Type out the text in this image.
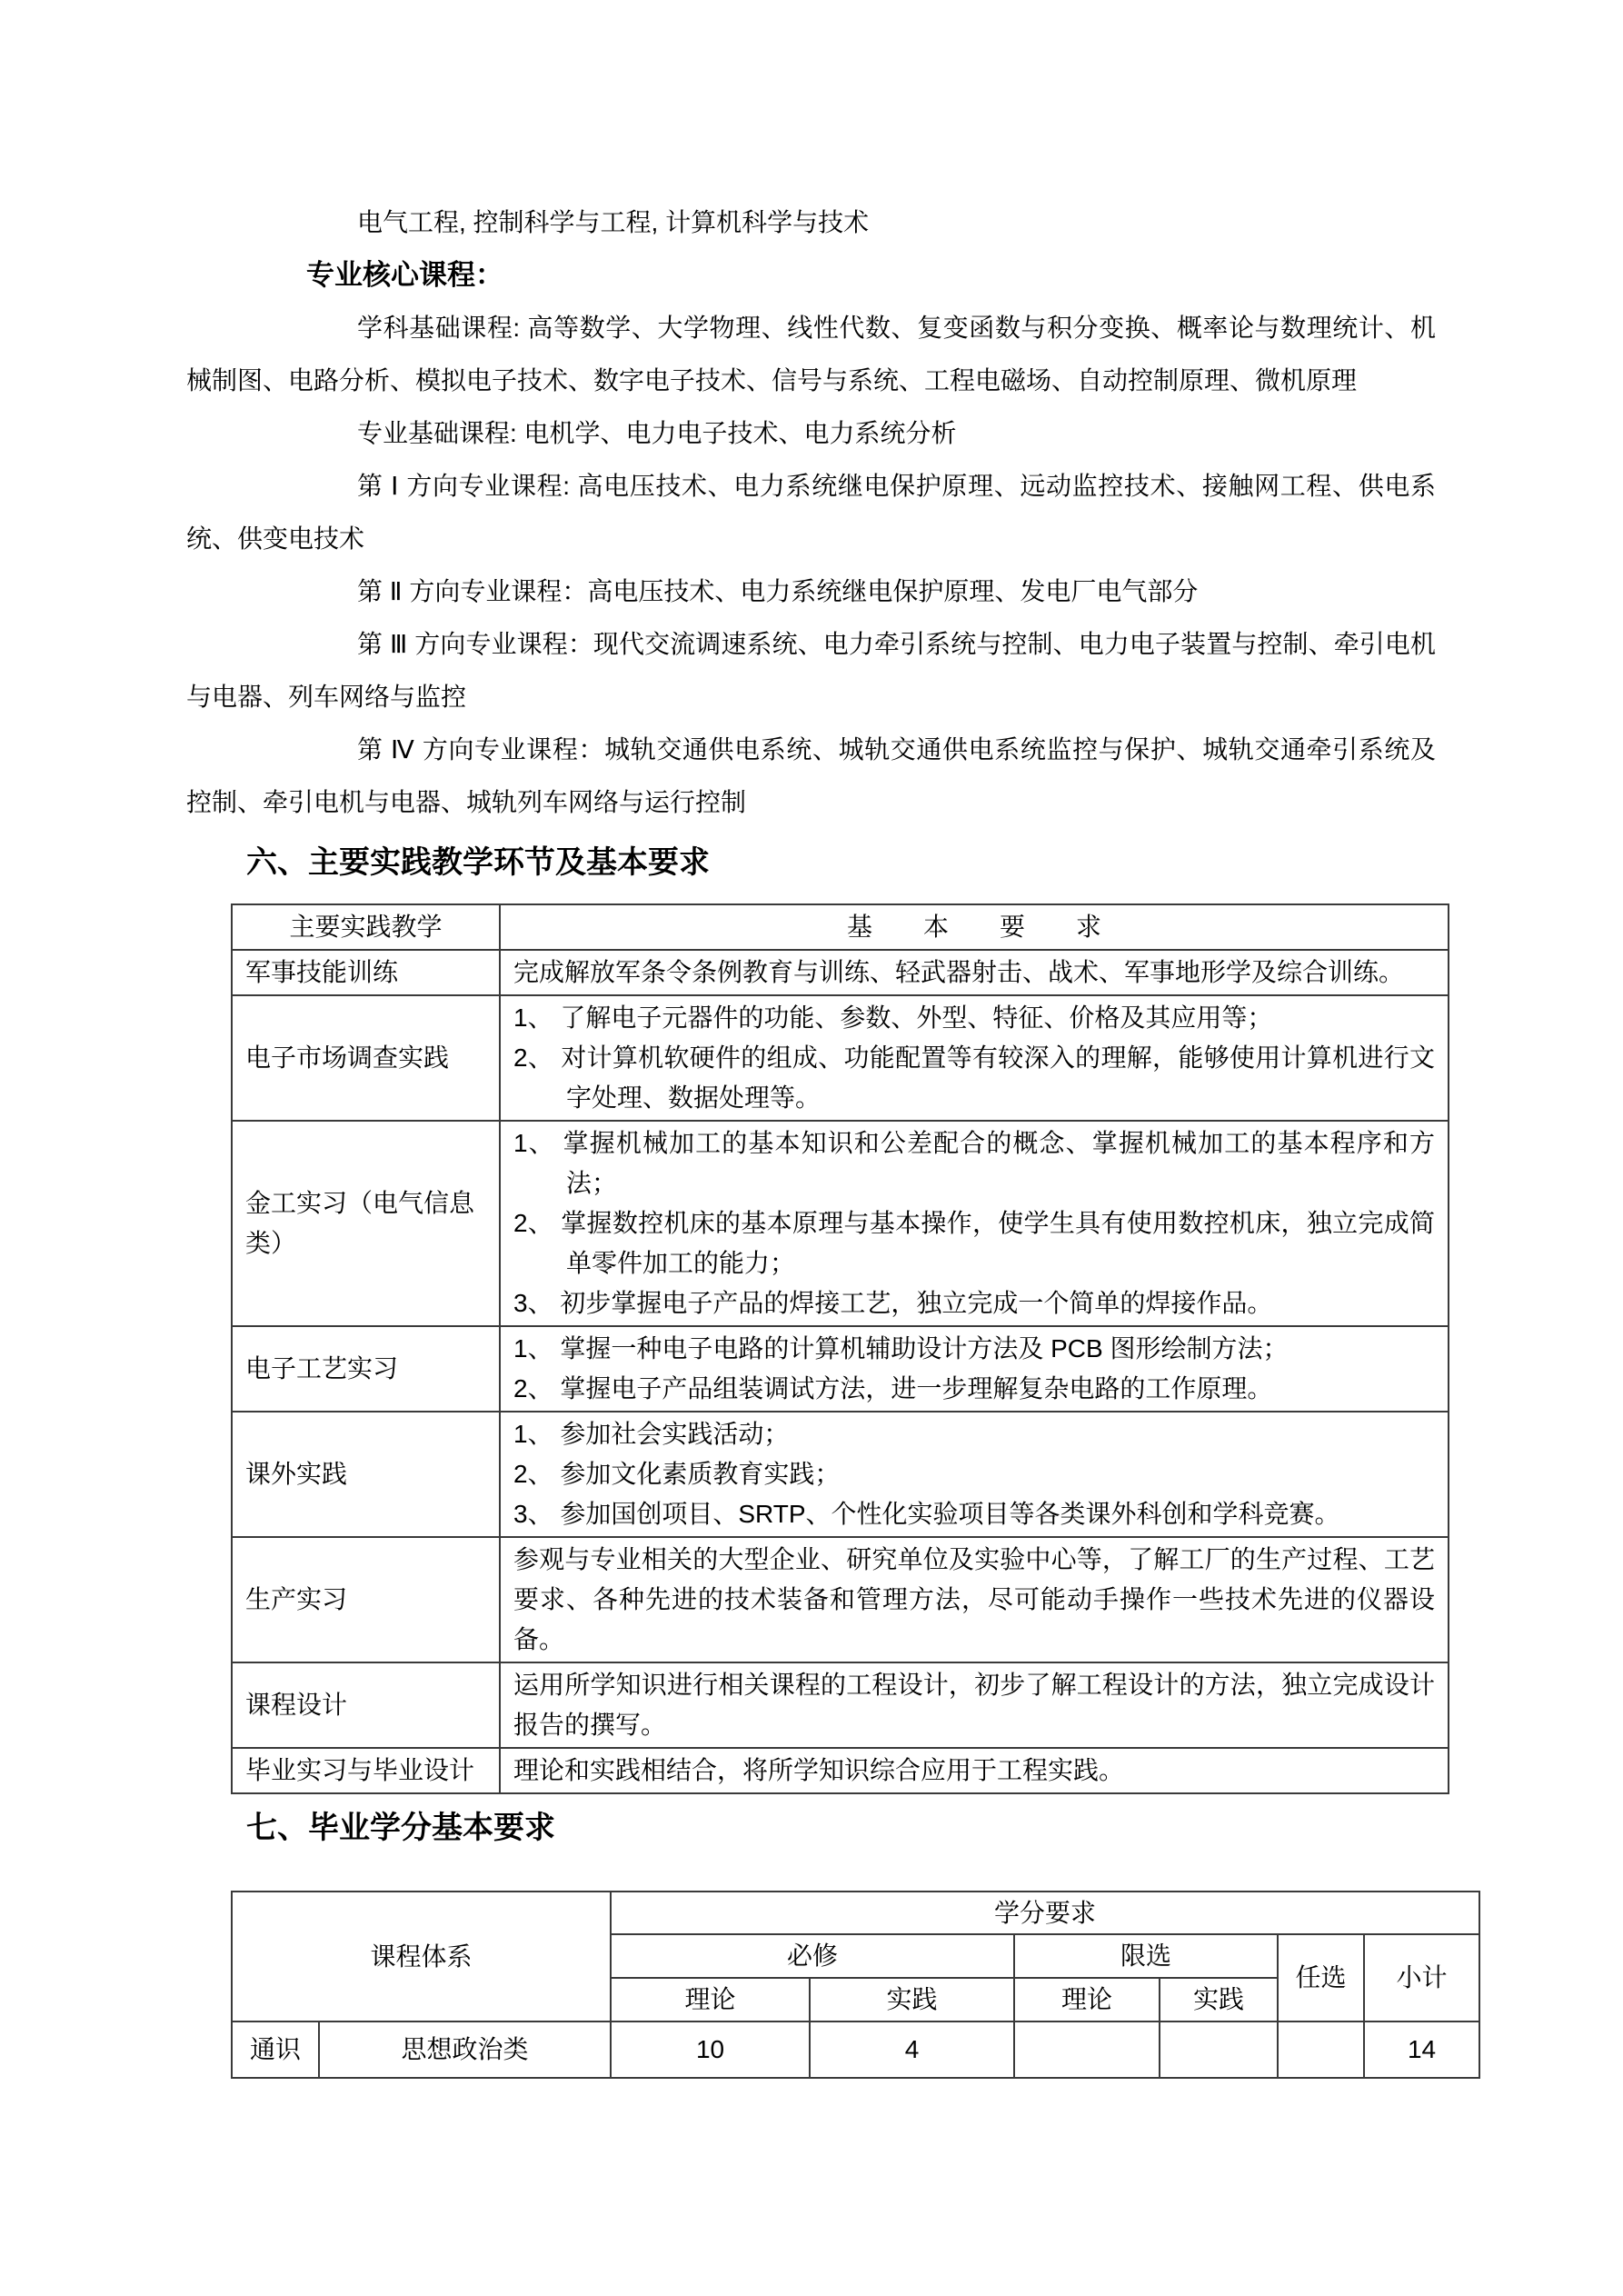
电气工程, 控制科学与工程, 计算机科学与技术

专业核心课程：

学科基础课程: 高等数学、大学物理、线性代数、复变函数与积分变换、概率论与数理统计、机械制图、电路分析、模拟电子技术、数字电子技术、信号与系统、工程电磁场、自动控制原理、微机原理

专业基础课程: 电机学、电力电子技术、电力系统分析

第 Ⅰ 方向专业课程: 高电压技术、电力系统继电保护原理、远动监控技术、接触网工程、供电系统、供变电技术

第 Ⅱ 方向专业课程：高电压技术、电力系统继电保护原理、发电厂电气部分

第 Ⅲ 方向专业课程：现代交流调速系统、电力牵引系统与控制、电力电子装置与控制、牵引电机与电器、列车网络与监控

第 Ⅳ 方向专业课程：城轨交通供电系统、城轨交通供电系统监控与保护、城轨交通牵引系统及控制、牵引电机与电器、城轨列车网络与运行控制

六、主要实践教学环节及基本要求
主要实践教学	基　　本　　要　　求
军事技能训练	完成解放军条令条例教育与训练、轻武器射击、战术、军事地形学及综合训练。

电子市场调查实践	1、 了解电子元器件的功能、参数、外型、特征、价格及其应用等；
2、 对计算机软硬件的组成、功能配置等有较深入的理解，能够使用计算机进行文字处理、数据处理等。

金工实习（电气信息类）	1、 掌握机械加工的基本知识和公差配合的概念、掌握机械加工的基本程序和方法；
2、 掌握数控机床的基本原理与基本操作，使学生具有使用数控机床，独立完成简单零件加工的能力；
3、 初步掌握电子产品的焊接工艺，独立完成一个简单的焊接作品。

电子工艺实习	1、 掌握一种电子电路的计算机辅助设计方法及 PCB 图形绘制方法；
2、 掌握电子产品组装调试方法，进一步理解复杂电路的工作原理。

课外实践	1、 参加社会实践活动；
2、 参加文化素质教育实践；
3、 参加国创项目、SRTP、个性化实验项目等各类课外科创和学科竞赛。

生产实习	参观与专业相关的大型企业、研究单位及实验中心等，了解工厂的生产过程、工艺要求、各种先进的技术装备和管理方法，尽可能动手操作一些技术先进的仪器设备。

课程设计	运用所学知识进行相关课程的工程设计，初步了解工程设计的方法，独立完成设计报告的撰写。

毕业实习与毕业设计	理论和实践相结合，将所学知识综合应用于工程实践。
七、毕业学分基本要求
课程体系		学分要求					
		必修		限选		任选	小计
		理论	实践	理论	实践		
通识	思想政治类	10	4				14
